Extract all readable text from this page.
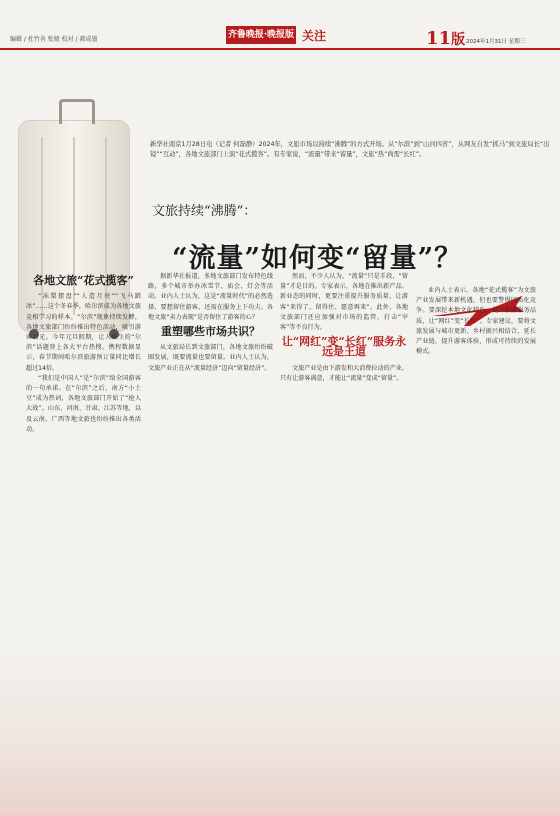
编辑 / 杜竹善 张婧 校对 / 郝成墨	齐鲁晚报·晚报版 关注	11版 2024年1月31日 星期三
新华社南京1月28日电（记者 何磊静）2024年，文旅市场以持续“沸腾”的方式开场。从“尔滨”到“山河四省”，从网友自发“抓马”到文旅局长“出镜”“互动”，各地文旅部门上演“花式揽客”。有专家说，“流量”带来“留量”，文旅“热”尚需“长红”。
文旅持续“沸腾”：
“流量”如何变“留量”？
各地文旅“花式揽客”

“冻梨摆盘”“人造月亮”“飞马踏冰”……这个冬春季，哈尔滨成为各地文旅竞相学习的样本。“尔滨”现象持续发酵，各地文旅部门纷纷推出特色活动，吸引游客目光。今年元旦假期，让人眼生的“尔滨”话题登上各大平台热搜。携程数据显示，春节期间哈尔滨旅游预订量同比增长超过14倍。

“我们是中国人”是“尔滨”给全国游客的一句承诺。在“尔滨”之后，南方“小土豆”成为热词，各地文旅部门开始了“抢人大战”。山东、河南、甘肃、江苏等地，以及云南、广西等地文旅也纷纷推出各类活动。

据新华社报道，多地文旅部门发布特色线路，多个城市举办冰雪节、庙会、灯会等活动。业内人士认为，这是“流量时代”的必然选择，要想留住游客，还需在服务上下功夫。各地文旅“卖力表现”是否留住了游客的心？

重塑哪些市场共识？

从文旅局长到文旅部门，各地文旅纷纷破圈发展，既要流量也要留量。业内人士认为，文旅产业正在从“流量经济”迈向“留量经济”。

然而，不少人认为，“流量”只是手段，“留量”才是目的。专家表示，各地在推出新产品、新业态的同时，更要注重提升服务质量，让游客“来得了、留得住、愿意再来”。此外，各地文旅部门还应加强对市场的监管，打击“宰客”等不良行为。

让“网红”变“长红”服务永远是王道

文旅产业是由下游发和大消费拉动的产业，只有让游客满意，才能让“流量”变成“留量”。

业内人士表示，各地“花式揽客”为文旅产业发展带来新机遇，但也要警惕同质化竞争。要深挖本地文化特色，提升旅游服务品质，让“网红”变“长红”。专家建议，要将文旅发展与城市更新、乡村振兴相结合，延长产业链，提升游客体验，形成可持续的发展模式。
